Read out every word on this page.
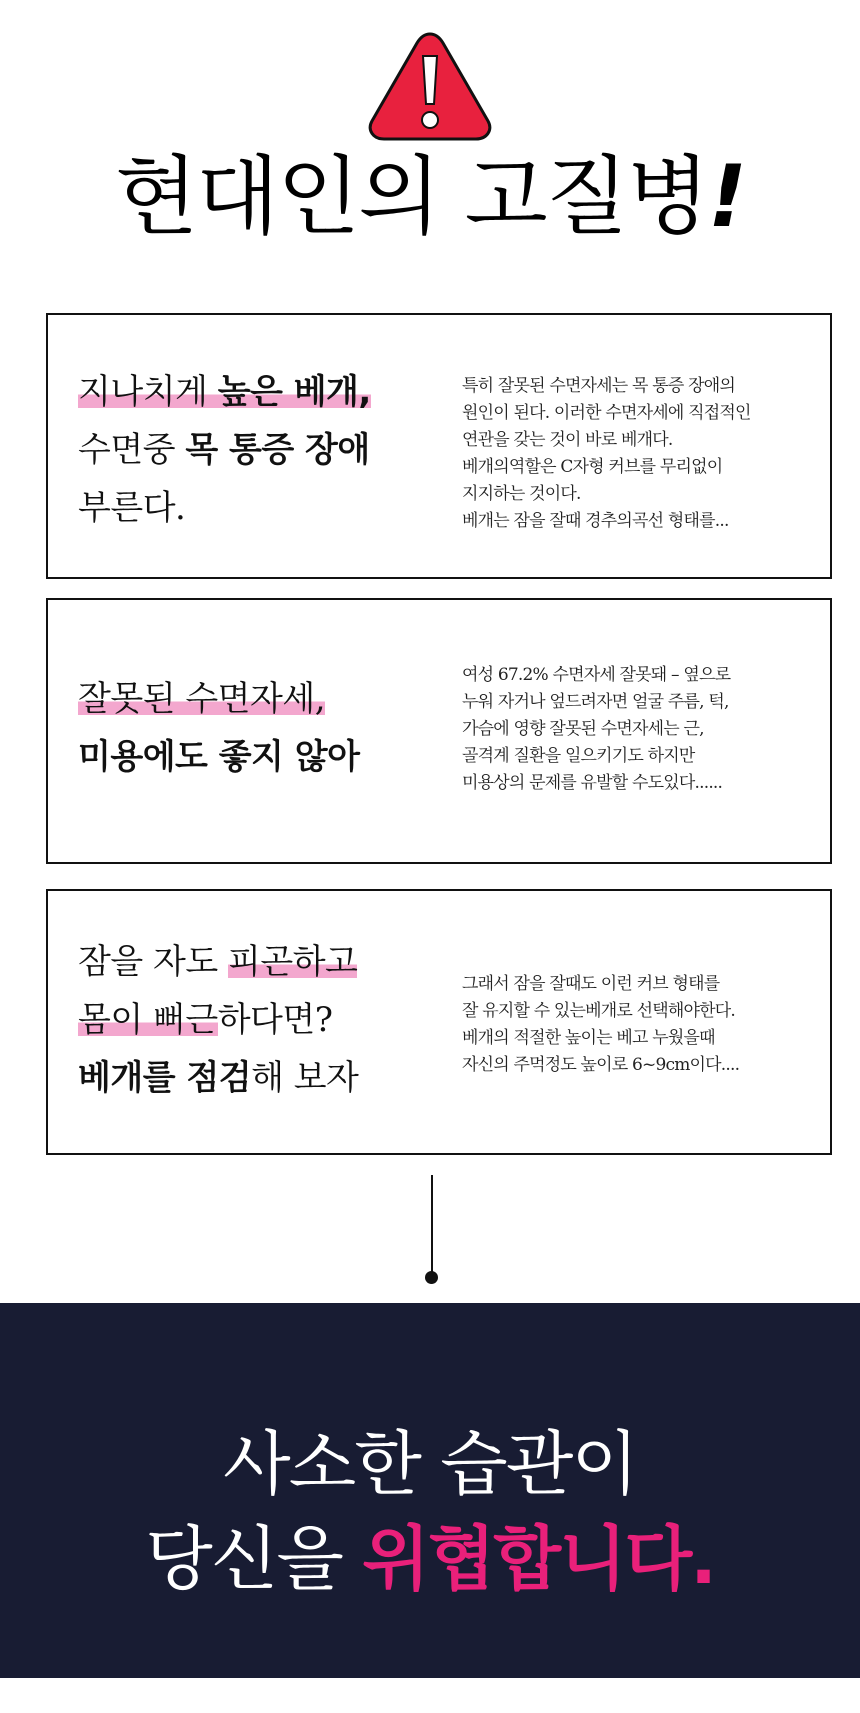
현대인의 고질병!
지나치게 높은 베개,
수면중 목 통증 장애
부른다.
특히 잘못된 수면자세는 목 통증 장애의
원인이 된다. 이러한 수면자세에 직접적인
연관을 갖는 것이 바로 베개다.
베개의역할은 C자형 커브를 무리없이
지지하는 것이다.
베개는 잠을 잘때 경추의곡선 형태를...
잘못된 수면자세,
미용에도 좋지 않아
여성 67.2% 수면자세 잘못돼 – 옆으로
누워 자거나 엎드려자면 얼굴 주름, 턱,
가슴에 영향 잘못된 수면자세는 근,
골격계 질환을 일으키기도 하지만
미용상의 문제를 유발할 수도있다......
잠을 자도 피곤하고
몸이 뻐근하다면?
베개를 점검해 보자
그래서 잠을 잘때도 이런 커브 형태를
잘 유지할 수 있는베개로 선택해야한다.
베개의 적절한 높이는 베고 누웠을때
자신의 주먹정도 높이로 6~9cm이다....
사소한 습관이
당신을 위협합니다.
